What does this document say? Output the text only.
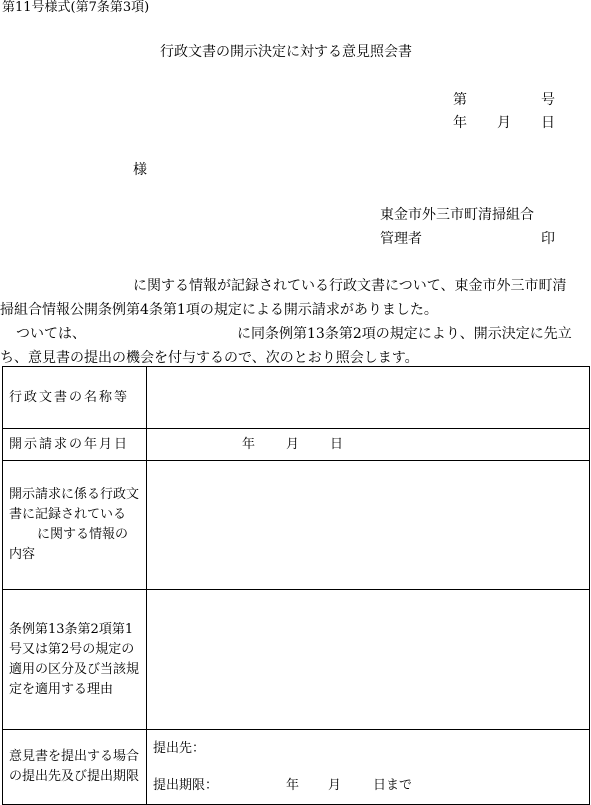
第11号様式(第7条第3項)
行政文書の開示決定に対する意見照会書
第	号
年 月 日
様
東金市外三市町清掃組合
管理者	印
に関する情報が記録されている行政文書について、東金市外三市町清
掃組合情報公開条例第4条第1項の規定による開示請求がありました。
ついては、	に同条例第13条第2項の規定により、開示決定に先立
ち、意見書の提出の機会を付与するので、次のとおり照会します。
行政文書の名称等	
開示請求の年月日	年 月 日

開示請求に係る行政文書に記録されている
に関する情報の内容	

条例第13条第2項第1号又は第2号の規定の適用の区分及び当該規定を適用する理由	

意見書を提出する場合の提出先及び提出期限	提出先：
提出期限： 年 月 日まで
